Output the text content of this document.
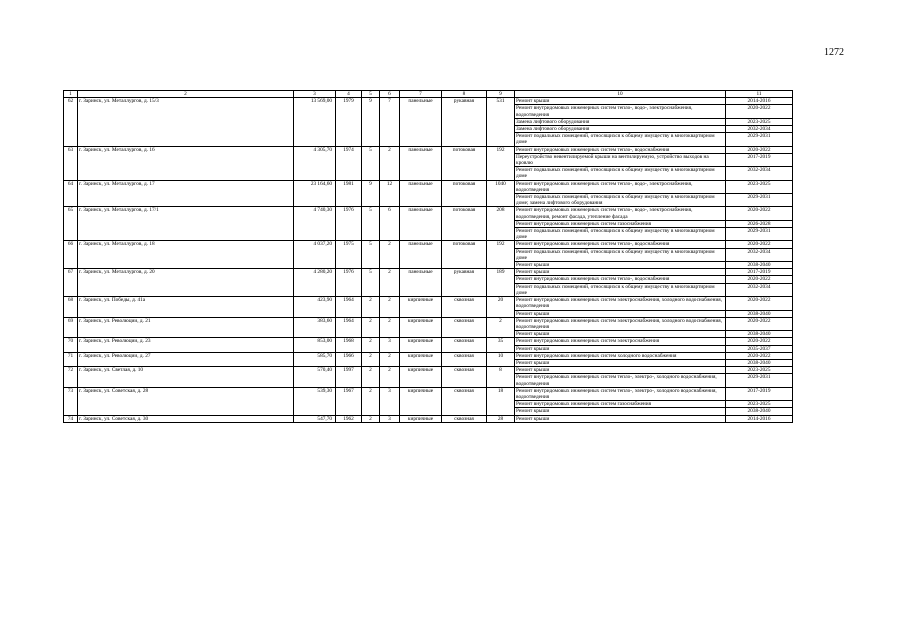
1272
1	2	3	4	5	6	7	8	9	10	11
62	г. Заринск, ул. Металлургов, д. 15/3	13 569,00	1979	9	7	панельные	рукавная	531	Ремонт крыши	2014-2016
									Ремонт внутридомовых инженерных систем тепло-, водо-, электроснабжения, водоотведения	2020-2022
									Замена лифтового оборудования	2023-2025
									Замена лифтового оборудования	2032-2034
									Ремонт подвальных помещений, относящихся к общему имуществу в многоквартирном доме	2029-2031
63	г. Заринск, ул. Металлургов, д. 16	4 305,70	1974	5	2	панельные	потоковая	192	Ремонт внутридомовых инженерных систем тепло-, водоснабжения	2020-2022
									Переустройство невентилируемой крыши на вентилируемую, устройство выходов на кровлю	2017-2019
									Ремонт подвальных помещений, относящихся к общему имуществу в многоквартирном доме	2032-2034
64	г. Заринск, ул. Металлургов, д. 17	23 164,60	1981	9	12	панельные	потоковая	1040	Ремонт внутридомовых инженерных систем тепло-, водо-, электроснабжения, водоотведения	2023-2025
									Ремонт подвальных помещений, относящихся к общему имуществу в многоквартирном доме; замена лифтового оборудования	2029-2031
65	г. Заринск, ул. Металлургов, д. 17/1	4 740,30	1976	5	6	панельные	потоковая	208	Ремонт внутридомовых инженерных систем тепло-, водо-, электроснабжения, водоотведения, ремонт фасада, утепление фасада	2020-2022
									Ремонт внутридомовых инженерных систем газоснабжения	2026-2028
									Ремонт подвальных помещений, относящихся к общему имуществу в многоквартирном доме	2029-2031
66	г. Заринск, ул. Металлургов, д. 18	4 037,20	1975	5	2	панельные	потоковая	192	Ремонт внутридомовых инженерных систем тепло-, водоснабжения	2020-2022
									Ремонт подвальных помещений, относящихся к общему имуществу в многоквартирном доме	2032-2034
									Ремонт крыши	2038-2040
67	г. Заринск, ул. Металлургов, д. 20	4 280,20	1976	5	2	панельные	рукавная	189	Ремонт крыши	2017-2019
									Ремонт внутридомовых инженерных систем тепло-, водоснабжения	2020-2022
									Ремонт подвальных помещений, относящихся к общему имуществу в многоквартирном доме	2032-2034
68	г. Заринск, ул. Победы, д. 41а	423,90	1964	2	2	кирпичные	сквозная	20	Ремонт внутридомовых инженерных систем электроснабжения, холодного водоснабжения, водоотведения	2020-2022
									Ремонт крыши	2038-2040
69	г. Заринск, ул. Революции, д. 21	383,60	1964	2	2	кирпичные	сквозная	2	Ремонт внутридомовых инженерных систем электроснабжения, холодного водоснабжения, водоотведения	2020-2022
									Ремонт крыши	2038-2040
70	г. Заринск, ул. Революции, д. 23	853,00	1968	2	3	кирпичные	сквозная	35	Ремонт внутридомовых инженерных систем электроснабжения	2020-2022
									Ремонт крыши	2035-2037
71	г. Заринск, ул. Революции, д. 27	585,70	1966	2	2	кирпичные	сквозная	10	Ремонт внутридомовых инженерных систем холодного водоснабжения	2020-2022
									Ремонт крыши	2038-2040
72	г. Заринск, ул. Светлая, д. 10	570,40	1997	2	2	кирпичные	сквозная	8	Ремонт крыши	2023-2025
									Ремонт внутридомовых инженерных систем тепло-, электро-, холодного водоснабжения, водоотведения	2029-2031
73	г. Заринск, ул. Советская, д. 28	539,30	1967	2	3	кирпичные	сквозная	18	Ремонт внутридомовых инженерных систем тепло-, электро-, холодного водоснабжения, водоотведения	2017-2019
									Ремонт внутридомовых инженерных систем газоснабжения	2023-2025
									Ремонт крыши	2038-2040
74	г. Заринск, ул. Советская, д. 30	547,70	1962	2	3	кирпичные	сквозная	28	Ремонт крыши	2014-2016
